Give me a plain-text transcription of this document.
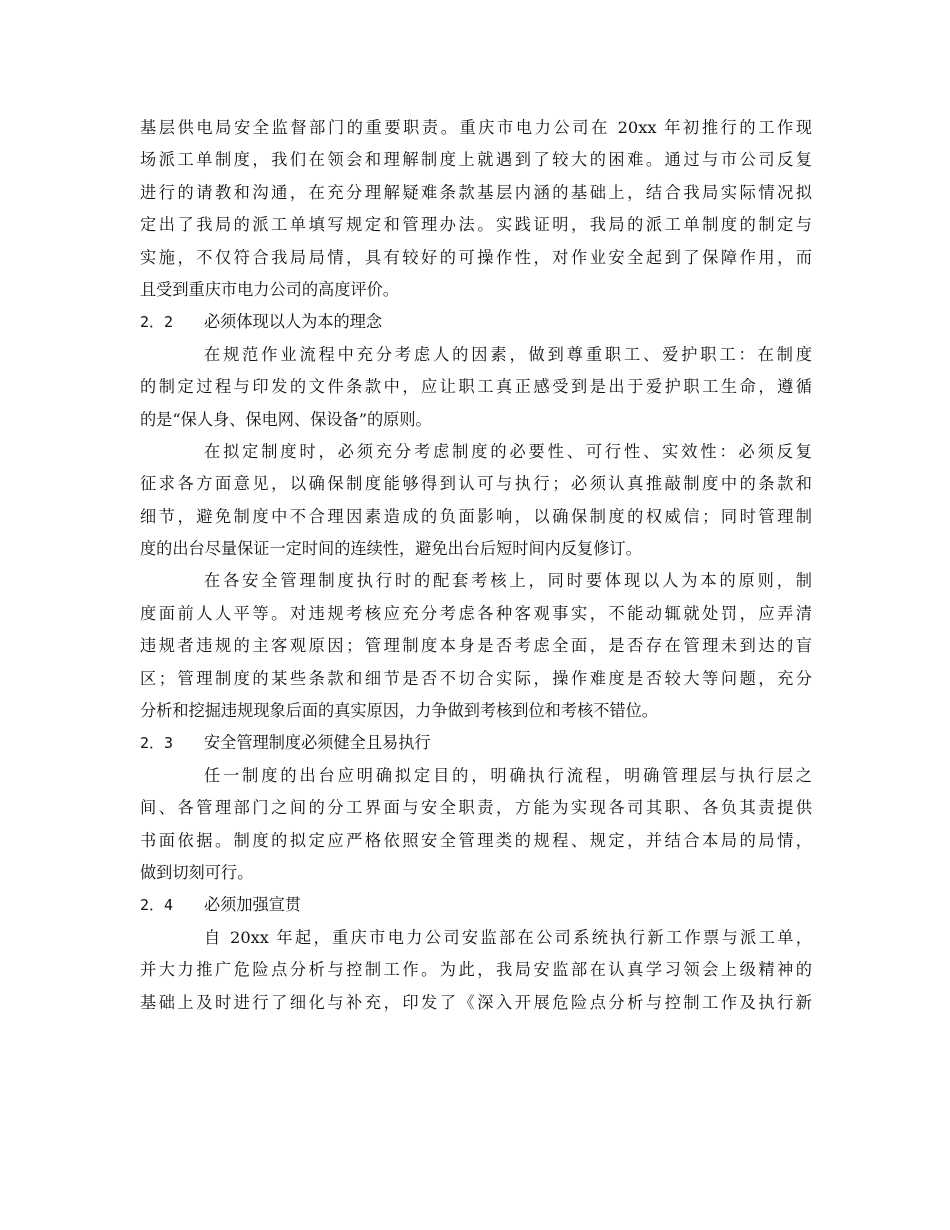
基层供电局安全监督部门的重要职责。重庆市电力公司在 20xx 年初推行的工作现
场派工单制度，我们在领会和理解制度上就遇到了较大的困难。通过与市公司反复
进行的请教和沟通，在充分理解疑难条款基层内涵的基础上，结合我局实际情况拟
定出了我局的派工单填写规定和管理办法。实践证明，我局的派工单制度的制定与
实施，不仅符合我局局情，具有较好的可操作性，对作业安全起到了保障作用，而
且受到重庆市电力公司的高度评价。
2．2 必须体现以人为本的理念
在规范作业流程中充分考虑人的因素，做到尊重职工、爱护职工：在制度
的制定过程与印发的文件条款中，应让职工真正感受到是出于爱护职工生命，遵循
的是“保人身、保电网、保设备”的原则。
在拟定制度时，必须充分考虑制度的必要性、可行性、实效性：必须反复
征求各方面意见，以确保制度能够得到认可与执行；必须认真推敲制度中的条款和
细节，避免制度中不合理因素造成的负面影响，以确保制度的权威信；同时管理制
度的出台尽量保证一定时间的连续性，避免出台后短时间内反复修订。
在各安全管理制度执行时的配套考核上，同时要体现以人为本的原则，制
度面前人人平等。对违规考核应充分考虑各种客观事实，不能动辄就处罚，应弄清
违规者违规的主客观原因；管理制度本身是否考虑全面，是否存在管理未到达的盲
区；管理制度的某些条款和细节是否不切合实际，操作难度是否较大等问题，充分
分析和挖掘违规现象后面的真实原因，力争做到考核到位和考核不错位。
2．3 安全管理制度必须健全且易执行
任一制度的出台应明确拟定目的，明确执行流程，明确管理层与执行层之
间、各管理部门之间的分工界面与安全职责，方能为实现各司其职、各负其责提供
书面依据。制度的拟定应严格依照安全管理类的规程、规定，并结合本局的局情，
做到切刻可行。
2．4 必须加强宣贯
自 20xx 年起，重庆市电力公司安监部在公司系统执行新工作票与派工单，
并大力推广危险点分析与控制工作。为此，我局安监部在认真学习领会上级精神的
基础上及时进行了细化与补充，印发了《深入开展危险点分析与控制工作及执行新
